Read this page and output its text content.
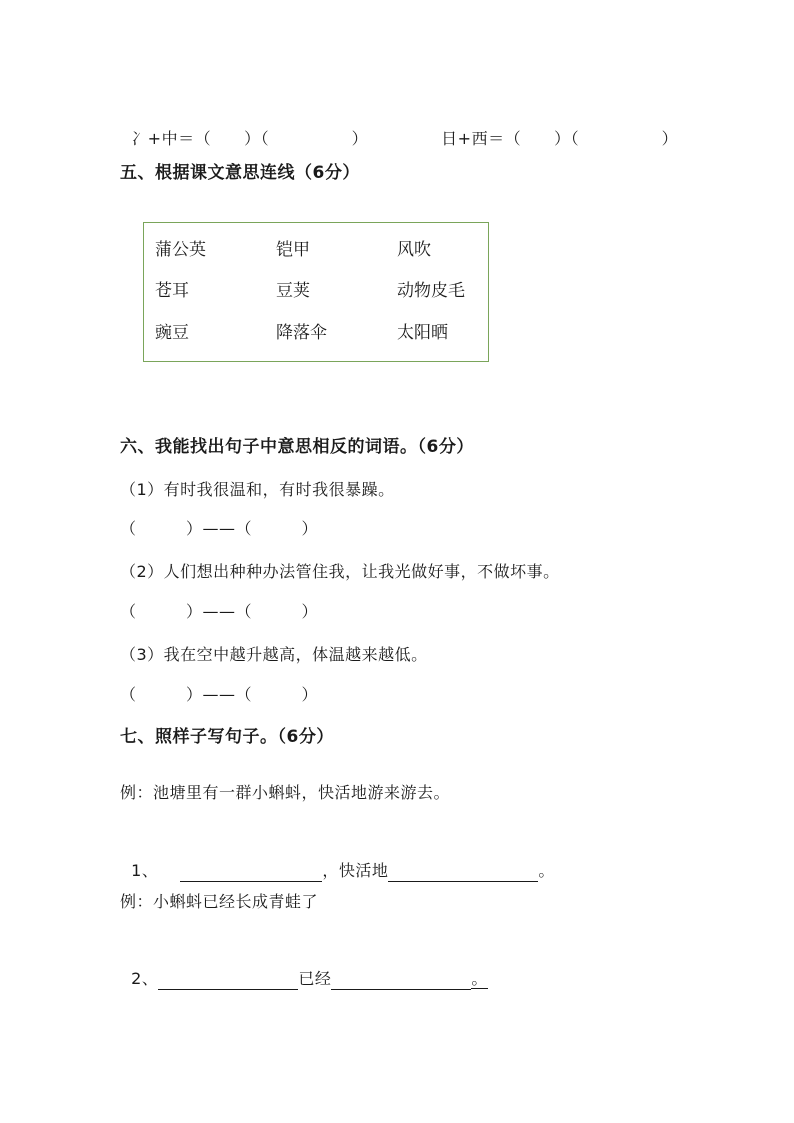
冫+中＝（　　）（　　　　　）	日+西＝（　　）（　　　　　）

五、根据课文意思连线（6分）
蒲公英	铠甲	风吹
苍耳	豆荚	动物皮毛
豌豆	降落伞	太阳晒
六、我能找出句子中意思相反的词语。（6分）
（1）有时我很温和，有时我很暴躁。
（　　　）——（　　　）
（2）人们想出种种办法管住我，让我光做好事，不做坏事。
（　　　）——（　　　）
（3）我在空中越升越高，体温越来越低。
（　　　）——（　　　）
七、照样子写句子。（6分）
例：池塘里有一群小蝌蚪，快活地游来游去。

1、	，快活地	。

例：小蝌蚪已经长成青蛙了

2、	已经	。
